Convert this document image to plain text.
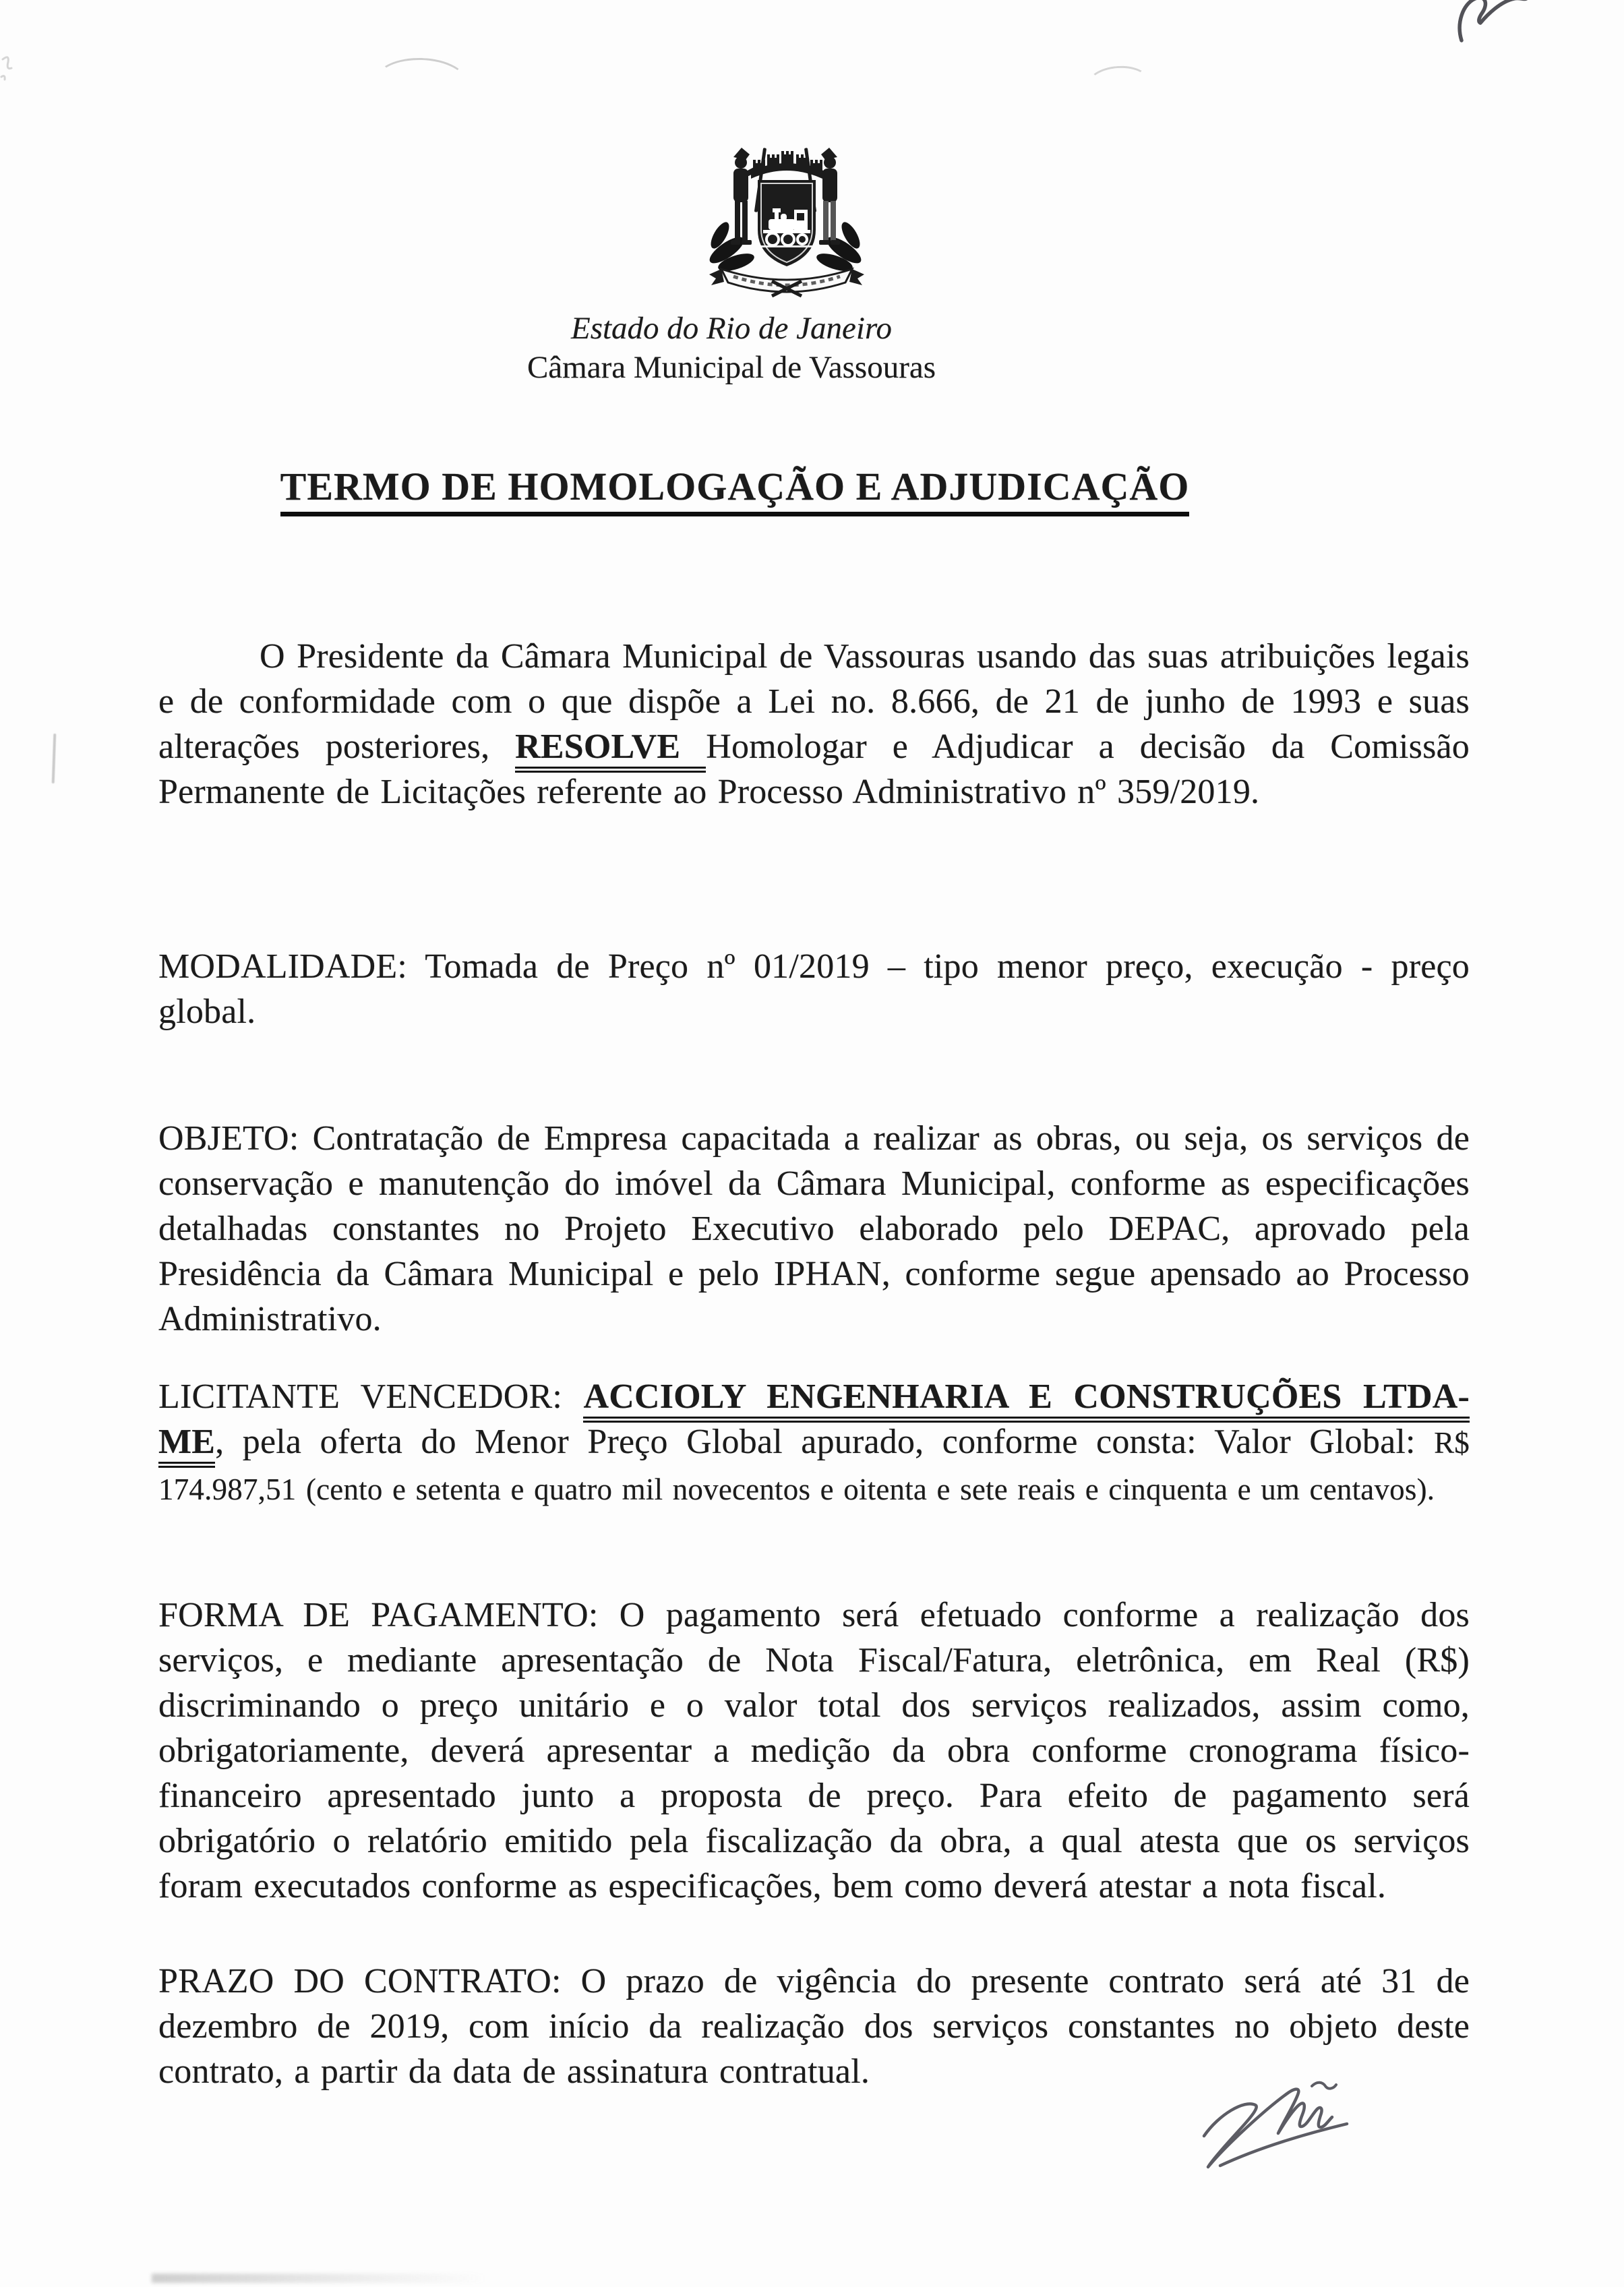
Estado do Rio de Janeiro
Câmara Municipal de Vassouras
TERMO DE HOMOLOGAÇÃO E ADJUDICAÇÃO

O Presidente da Câmara Municipal de Vassouras usando das suas atribuições legais e de conformidade com o que dispõe a Lei no. 8.666, de 21 de junho de 1993 e suas alterações posteriores, RESOLVE Homologar e Adjudicar a decisão da Comissão Permanente de Licitações referente ao Processo Administrativo nº 359/2019.

MODALIDADE: Tomada de Preço nº 01/2019 – tipo menor preço, execução - preço global.

OBJETO: Contratação de Empresa capacitada a realizar as obras, ou seja, os serviços de conservação e manutenção do imóvel da Câmara Municipal, conforme as especificações detalhadas constantes no Projeto Executivo elaborado pelo DEPAC, aprovado pela Presidência da Câmara Municipal e pelo IPHAN, conforme segue apensado ao Processo Administrativo.

LICITANTE VENCEDOR: ACCIOLY ENGENHARIA E CONSTRUÇÕES LTDA-ME, pela oferta do Menor Preço Global apurado, conforme consta: Valor Global: R$ 174.987,51 (cento e setenta e quatro mil novecentos e oitenta e sete reais e cinquenta e um centavos).

FORMA DE PAGAMENTO: O pagamento será efetuado conforme a realização dos serviços, e mediante apresentação de Nota Fiscal/Fatura, eletrônica, em Real (R$) discriminando o preço unitário e o valor total dos serviços realizados, assim como, obrigatoriamente, deverá apresentar a medição da obra conforme cronograma físico-financeiro apresentado junto a proposta de preço. Para efeito de pagamento será obrigatório o relatório emitido pela fiscalização da obra, a qual atesta que os serviços foram executados conforme as especificações, bem como deverá atestar a nota fiscal.

PRAZO DO CONTRATO: O prazo de vigência do presente contrato será até 31 de dezembro de 2019, com início da realização dos serviços constantes no objeto deste contrato, a partir da data de assinatura contratual.
